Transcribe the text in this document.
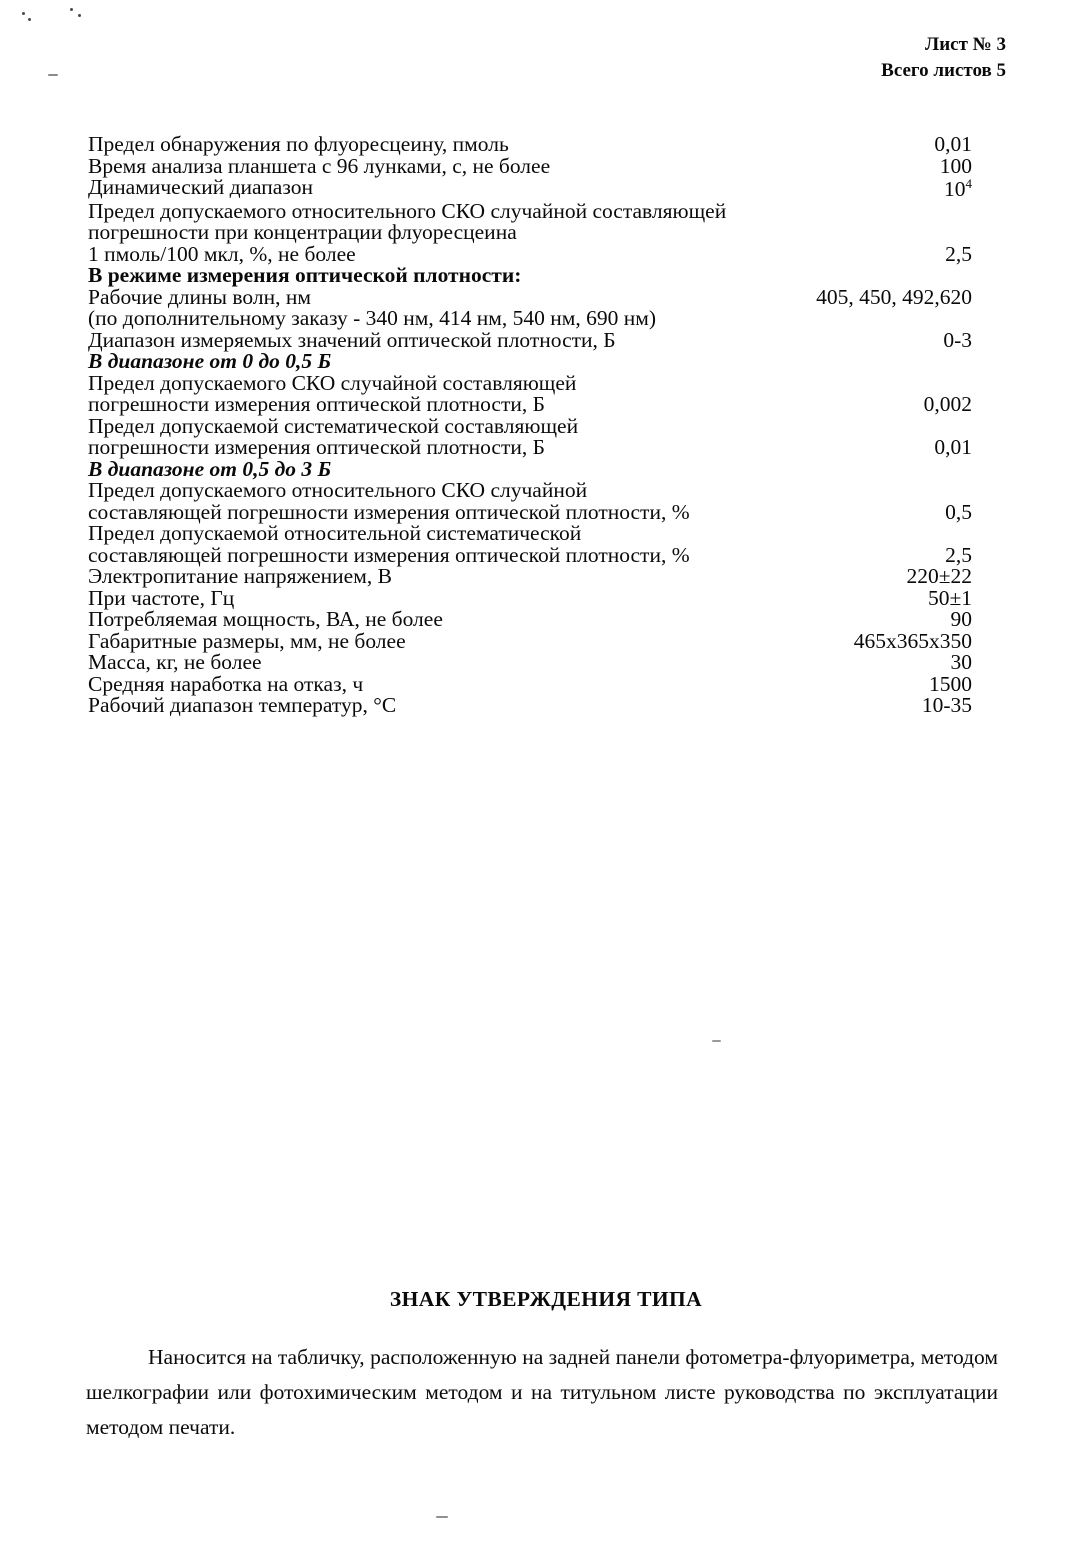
Лист № 3
Всего листов 5
Предел обнаружения по флуоресцеину, пмоль	0,01
Время анализа планшета с 96 лунками, с, не более	100
Динамический диапазон	$10^4$
Предел допускаемого относительного СКО случайной составляющей	
погрешности при концентрации флуоресцеина	
1 пмоль/100 мкл, %, не более	2,5
В режиме измерения оптической плотности:	
Рабочие длины волн, нм	405, 450, 492,620
(по дополнительному заказу - 340 нм, 414 нм, 540 нм, 690 нм)	
Диапазон измеряемых значений оптической плотности, Б	0-3
В диапазоне от 0 до 0,5 Б	
Предел допускаемого СКО случайной составляющей	
погрешности измерения оптической плотности, Б	0,002
Предел допускаемой систематической составляющей	
погрешности измерения оптической плотности, Б	0,01
В диапазоне от 0,5 до 3 Б	
Предел допускаемого относительного СКО случайной	
составляющей погрешности измерения оптической плотности, %	0,5
Предел допускаемой относительной систематической	
составляющей погрешности измерения оптической плотности, %	2,5
Электропитание напряжением, В	220±22
При частоте, Гц	50±1
Потребляемая мощность, ВА, не более	90
Габаритные размеры, мм, не более	465х365х350
Масса, кг, не более	30
Средняя наработка на отказ, ч	1500
Рабочий диапазон температур, °С	10-35
ЗНАК УТВЕРЖДЕНИЯ ТИПА
Наносится на табличку, расположенную на задней панели фотометра-флуориметра, методом шелкографии или фотохимическим методом и на титульном листе руководства по эксплуатации методом печати.
